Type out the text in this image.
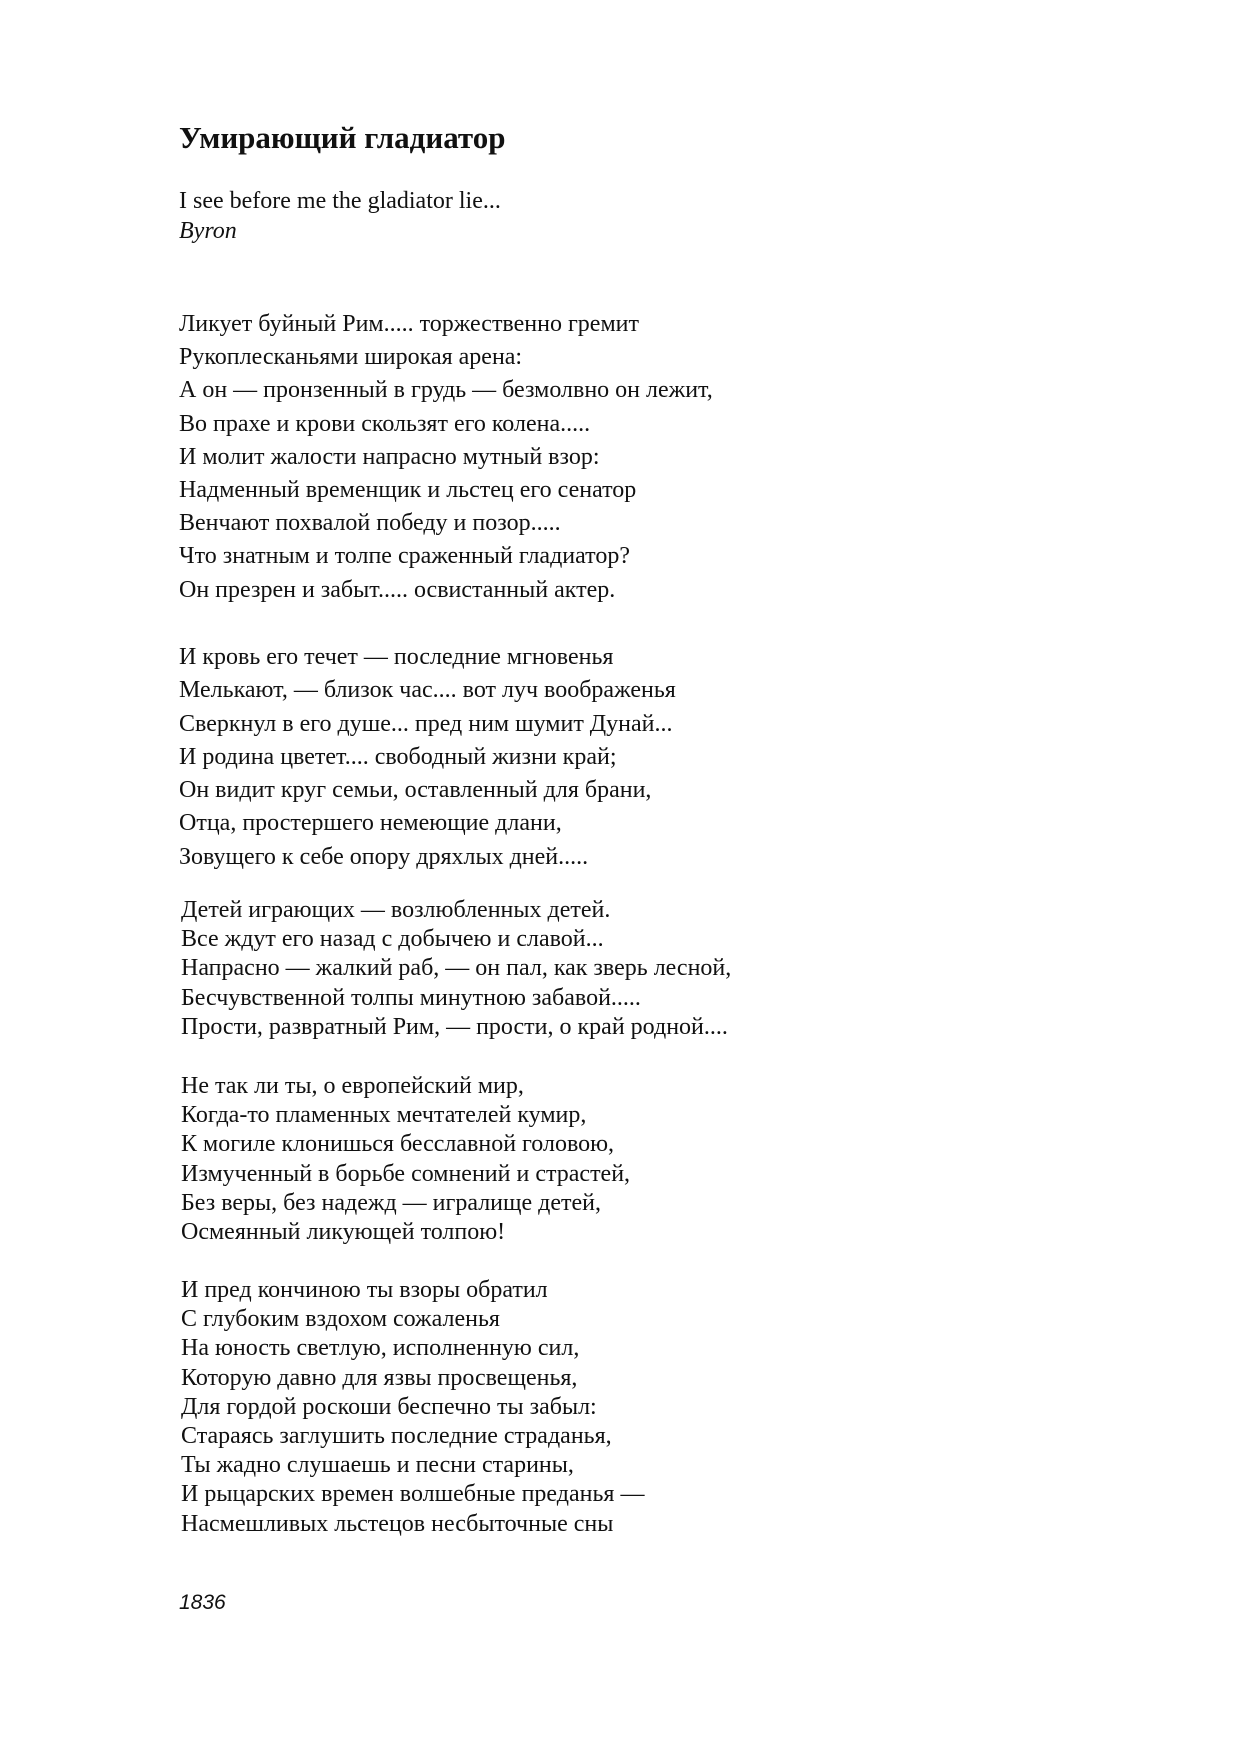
Умирающий гладиатор
I see before me the gladiator lie...
Byron
Ликует буйный Рим..... торжественно гремит
Рукоплесканьями широкая арена:
А он — пронзенный в грудь — безмолвно он лежит,
Во прахе и крови скользят его колена.....
И молит жалости напрасно мутный взор:
Надменный временщик и льстец его сенатор
Венчают похвалой победу и позор.....
Что знатным и толпе сраженный гладиатор?
Он презрен и забыт..... освистанный актер.
И кровь его течет — последние мгновенья
Мелькают, — близок час.... вот луч воображенья
Сверкнул в его душе... пред ним шумит Дунай...
И родина цветет.... свободный жизни край;
Он видит круг семьи, оставленный для брани,
Отца, простершего немеющие длани,
Зовущего к себе опору дряхлых дней.....
Детей играющих — возлюбленных детей.
Все ждут его назад с добычею и славой...
Напрасно — жалкий раб, — он пал, как зверь лесной,
Бесчувственной толпы минутною забавой.....
Прости, развратный Рим, — прости, о край родной....
Не так ли ты, о европейский мир,
Когда-то пламенных мечтателей кумир,
К могиле клонишься бесславной головою,
Измученный в борьбе сомнений и страстей,
Без веры, без надежд — игралище детей,
Осмеянный ликующей толпою!
И пред кончиною ты взоры обратил
С глубоким вздохом сожаленья
На юность светлую, исполненную сил,
Которую давно для язвы просвещенья,
Для гордой роскоши беспечно ты забыл:
Стараясь заглушить последние страданья,
Ты жадно слушаешь и песни старины,
И рыцарских времен волшебные преданья —
Насмешливых льстецов несбыточные сны
1836
